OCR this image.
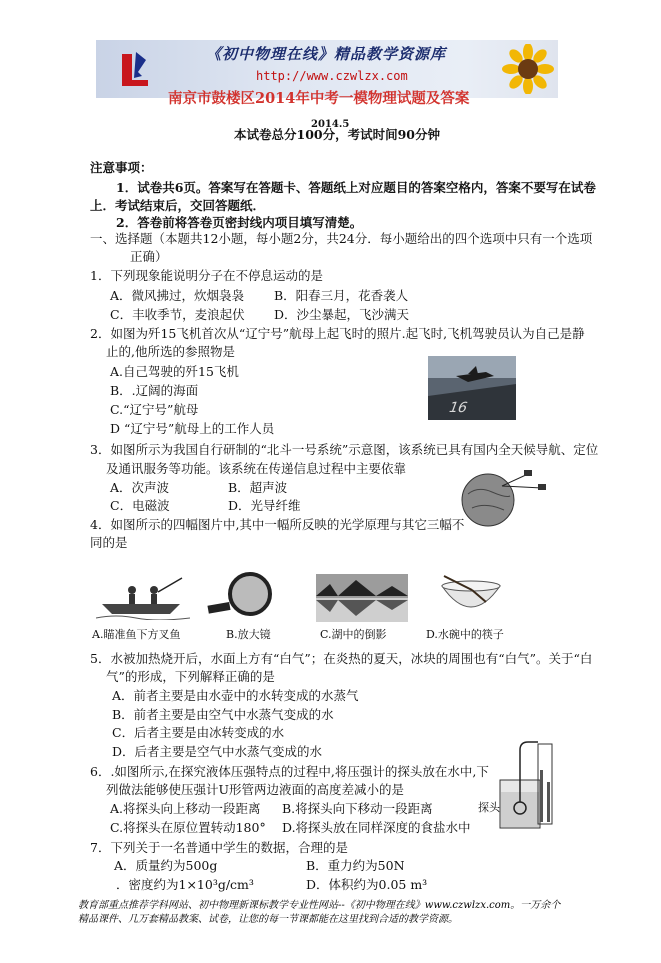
《初中物理在线》精品教学资源库
http://www.czwlzx.com
南京市鼓楼区2014年中考一模物理试题及答案
2014.5
本试卷总分100分，考试时间90分钟
注意事项：
1．试卷共6页。答案写在答题卡、答题纸上对应题目的答案空格内，答案不要写在试卷
上．考试结束后，交回答题纸．
2．答卷前将答卷页密封线内项目填写清楚。
一、选择题（本题共12小题，每小题2分，共24分．每小题给出的四个选项中只有一个选项
正确）
1．下列现象能说明分子在不停息运动的是
A．微风拂过，炊烟袅袅 B．阳春三月，花香袭人
C．丰收季节，麦浪起伏 D．沙尘暴起，飞沙满天
2．如图为歼15飞机首次从“辽宁号”航母上起飞时的照片.起飞时,飞机驾驶员认为自己是静
止的,他所选的参照物是
A.自己驾驶的歼15飞机
B．.辽阔的海面
C.“辽宁号”航母
D “辽宁号”航母上的工作人员
16
3．如图所示为我国自行研制的“北斗一号系统”示意图，该系统已具有国内全天候导航、定位
及通讯服务等功能。该系统在传递信息过程中主要依靠
A．次声波	B．超声波
C．电磁波	D．光导纤维
4．如图所示的四幅图片中,其中一幅所反映的光学原理与其它三幅不
同的是
A.瞄准鱼下方叉鱼	B.放大镜	C.湖中的倒影	D.水碗中的筷子
5．水被加热烧开后，水面上方有“白气”；在炎热的夏天，冰块的周围也有“白气”。关于“白
气”的形成，下列解释正确的是
A．前者主要是由水壶中的水转变成的水蒸气
B．前者主要是由空气中水蒸气变成的水
C．后者主要是由冰转变成的水
D．后者主要是空气中水蒸气变成的水
6．.如图所示,在探究液体压强特点的过程中,将压强计的探头放在水中,下
列做法能够使压强计U形管两边液面的高度差减小的是
A.将探头向上移动一段距离 B.将探头向下移动一段距离
C.将探头在原位置转动180° D.将探头放在同样深度的食盐水中
探头
7．下列关于一名普通中学生的数据，合理的是
A．质量约为500g	B．重力约为50N
．密度约为1×10³g/cm³	D．体积约为0.05 m³
教育部重点推荐学科网站、初中物理新课标教学专业性网站--《初中物理在线》www.czwlzx.com。一万余个
精品课件、几万套精品教案、试卷，让您的每一节课都能在这里找到合适的教学资源。
